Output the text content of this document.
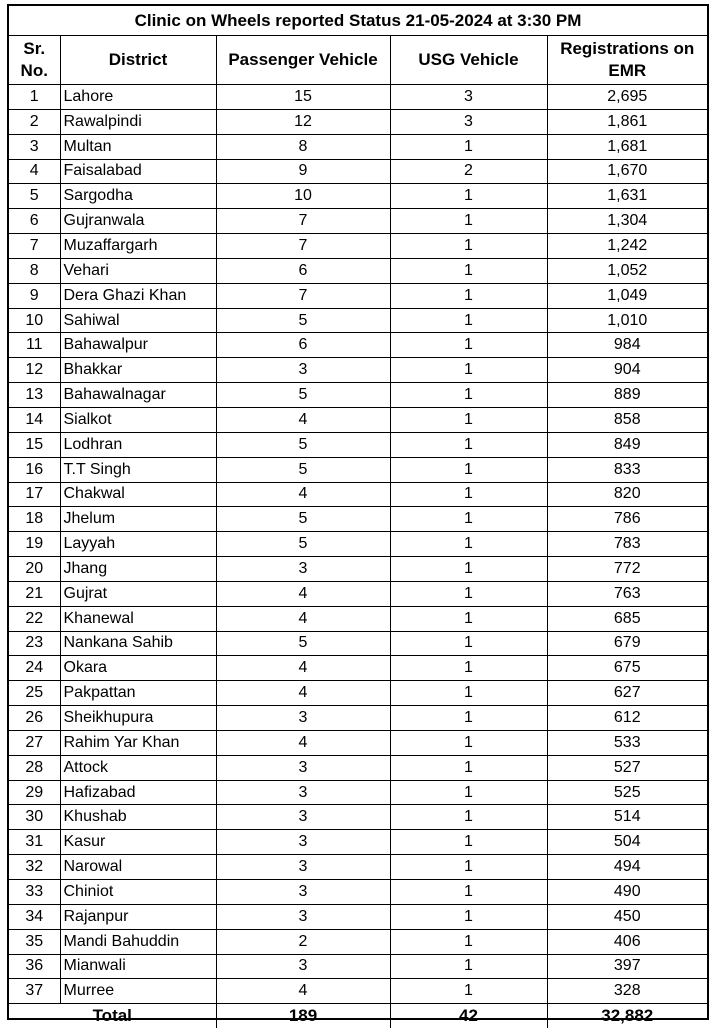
Clinic on Wheels reported Status 21-05-2024 at 3:30 PM				
Sr. No.	District	Passenger Vehicle	USG Vehicle	Registrations on EMR
1	Lahore	15	3	2,695
2	Rawalpindi	12	3	1,861
3	Multan	8	1	1,681
4	Faisalabad	9	2	1,670
5	Sargodha	10	1	1,631
6	Gujranwala	7	1	1,304
7	Muzaffargarh	7	1	1,242
8	Vehari	6	1	1,052
9	Dera Ghazi Khan	7	1	1,049
10	Sahiwal	5	1	1,010
11	Bahawalpur	6	1	984
12	Bhakkar	3	1	904
13	Bahawalnagar	5	1	889
14	Sialkot	4	1	858
15	Lodhran	5	1	849
16	T.T Singh	5	1	833
17	Chakwal	4	1	820
18	Jhelum	5	1	786
19	Layyah	5	1	783
20	Jhang	3	1	772
21	Gujrat	4	1	763
22	Khanewal	4	1	685
23	Nankana Sahib	5	1	679
24	Okara	4	1	675
25	Pakpattan	4	1	627
26	Sheikhupura	3	1	612
27	Rahim Yar Khan	4	1	533
28	Attock	3	1	527
29	Hafizabad	3	1	525
30	Khushab	3	1	514
31	Kasur	3	1	504
32	Narowal	3	1	494
33	Chiniot	3	1	490
34	Rajanpur	3	1	450
35	Mandi Bahuddin	2	1	406
36	Mianwali	3	1	397
37	Murree	4	1	328
Total		189	42	32,882
